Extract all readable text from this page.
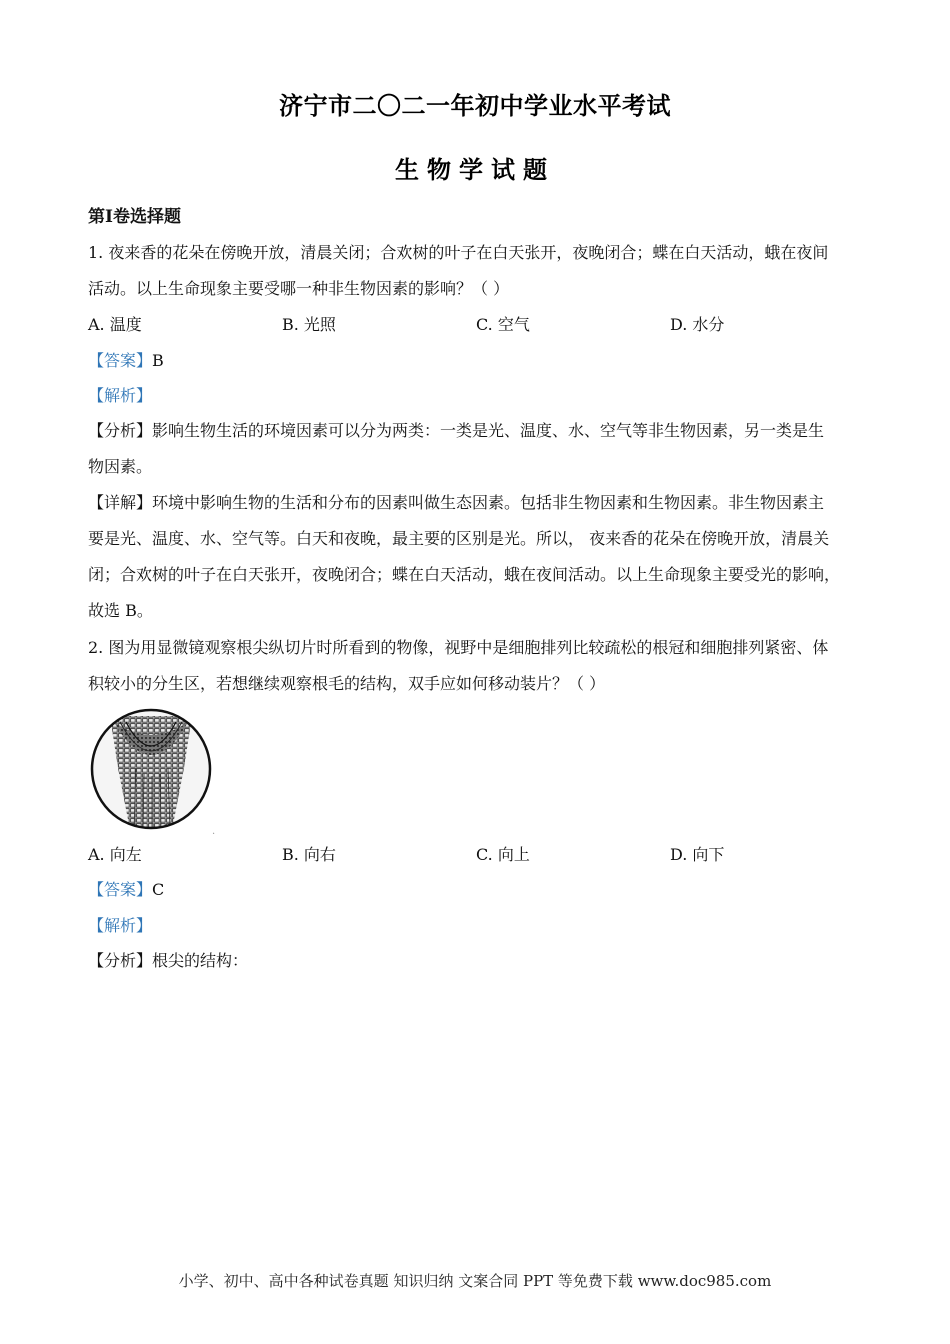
济宁市二〇二一年初中学业水平考试
生物学试题
第Ⅰ卷选择题
1. 夜来香的花朵在傍晚开放，清晨关闭；合欢树的叶子在白天张开，夜晚闭合；蝶在白天活动，蛾在夜间
活动。以上生命现象主要受哪一种非生物因素的影响？（ ）
A. 温度	B. 光照	C. 空气	D. 水分
【答案】B
【解析】
【分析】影响生物生活的环境因素可以分为两类：一类是光、温度、水、空气等非生物因素，另一类是生
物因素。
【详解】环境中影响生物的生活和分布的因素叫做生态因素。包括非生物因素和生物因素。非生物因素主
要是光、温度、水、空气等。白天和夜晚，最主要的区别是光。所以， 夜来香的花朵在傍晚开放，清晨关
闭；合欢树的叶子在白天张开，夜晚闭合；蝶在白天活动，蛾在夜间活动。以上生命现象主要受光的影响，
故选 B。
2. 图为用显微镜观察根尖纵切片时所看到的物像，视野中是细胞排列比较疏松的根冠和细胞排列紧密、体
积较小的分生区，若想继续观察根毛的结构，双手应如何移动装片？（ ）
.
A. 向左	B. 向右	C. 向上	D. 向下
【答案】C
【解析】
【分析】根尖的结构：
小学、初中、高中各种试卷真题 知识归纳 文案合同 PPT 等免费下载 www.doc985.com
